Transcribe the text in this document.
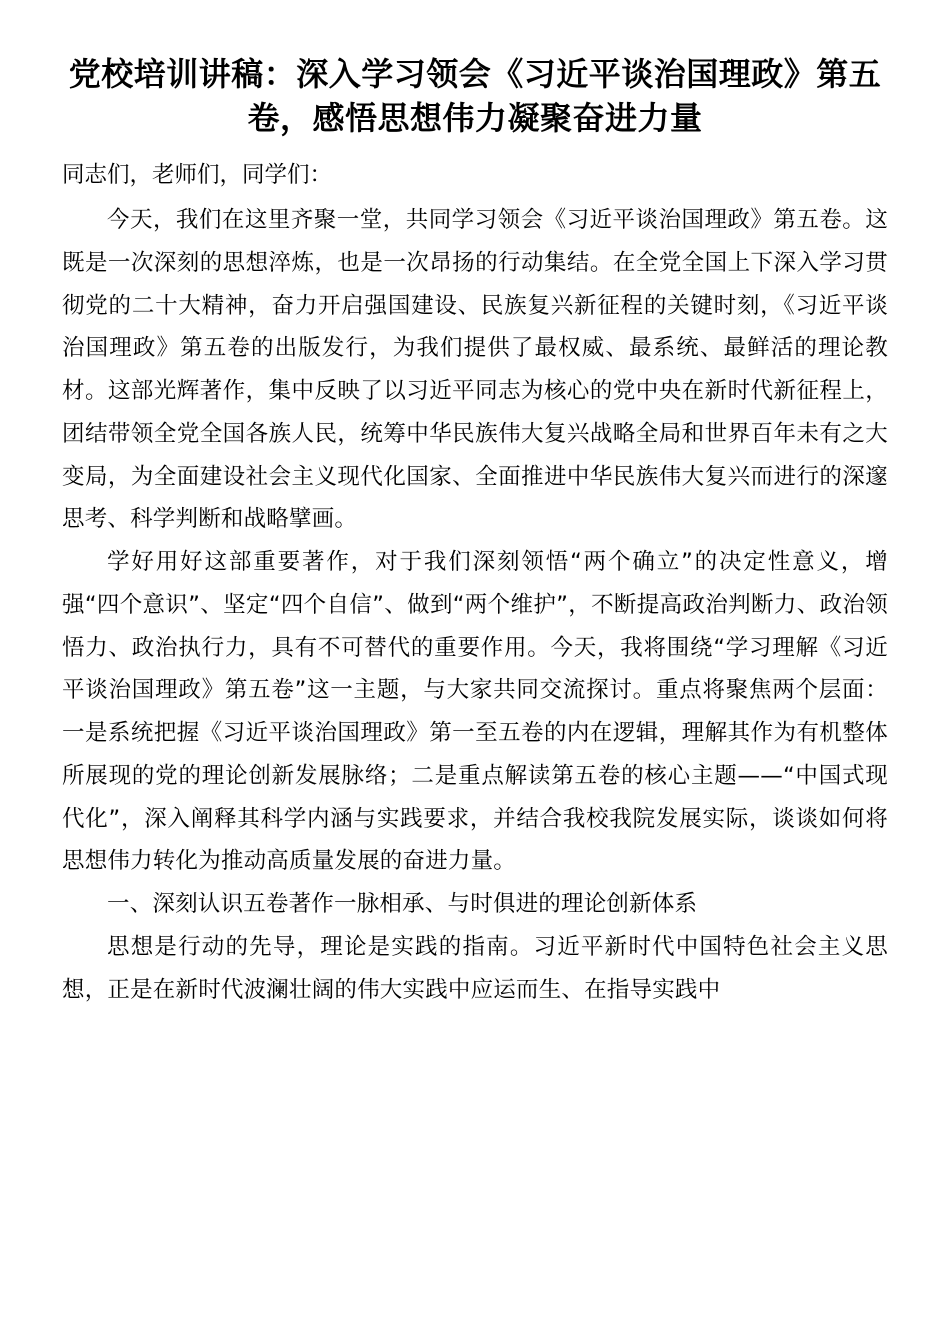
党校培训讲稿：深入学习领会《习近平谈治国理政》第五卷，感悟思想伟力凝聚奋进力量

同志们，老师们，同学们：

今天，我们在这里齐聚一堂，共同学习领会《习近平谈治国理政》第五卷。这既是一次深刻的思想淬炼，也是一次昂扬的行动集结。在全党全国上下深入学习贯彻党的二十大精神，奋力开启强国建设、民族复兴新征程的关键时刻，《习近平谈治国理政》第五卷的出版发行，为我们提供了最权威、最系统、最鲜活的理论教材。这部光辉著作，集中反映了以习近平同志为核心的党中央在新时代新征程上，团结带领全党全国各族人民，统筹中华民族伟大复兴战略全局和世界百年未有之大变局，为全面建设社会主义现代化国家、全面推进中华民族伟大复兴而进行的深邃思考、科学判断和战略擘画。

学好用好这部重要著作，对于我们深刻领悟“两个确立”的决定性意义，增强“四个意识”、坚定“四个自信”、做到“两个维护”，不断提高政治判断力、政治领悟力、政治执行力，具有不可替代的重要作用。今天，我将围绕“学习理解《习近平谈治国理政》第五卷”这一主题，与大家共同交流探讨。重点将聚焦两个层面：一是系统把握《习近平谈治国理政》第一至五卷的内在逻辑，理解其作为有机整体所展现的党的理论创新发展脉络；二是重点解读第五卷的核心主题——“中国式现代化”，深入阐释其科学内涵与实践要求，并结合我校我院发展实际，谈谈如何将思想伟力转化为推动高质量发展的奋进力量。

一、深刻认识五卷著作一脉相承、与时俱进的理论创新体系

思想是行动的先导，理论是实践的指南。习近平新时代中国特色社会主义思想，正是在新时代波澜壮阔的伟大实践中应运而生、在指导实践中
